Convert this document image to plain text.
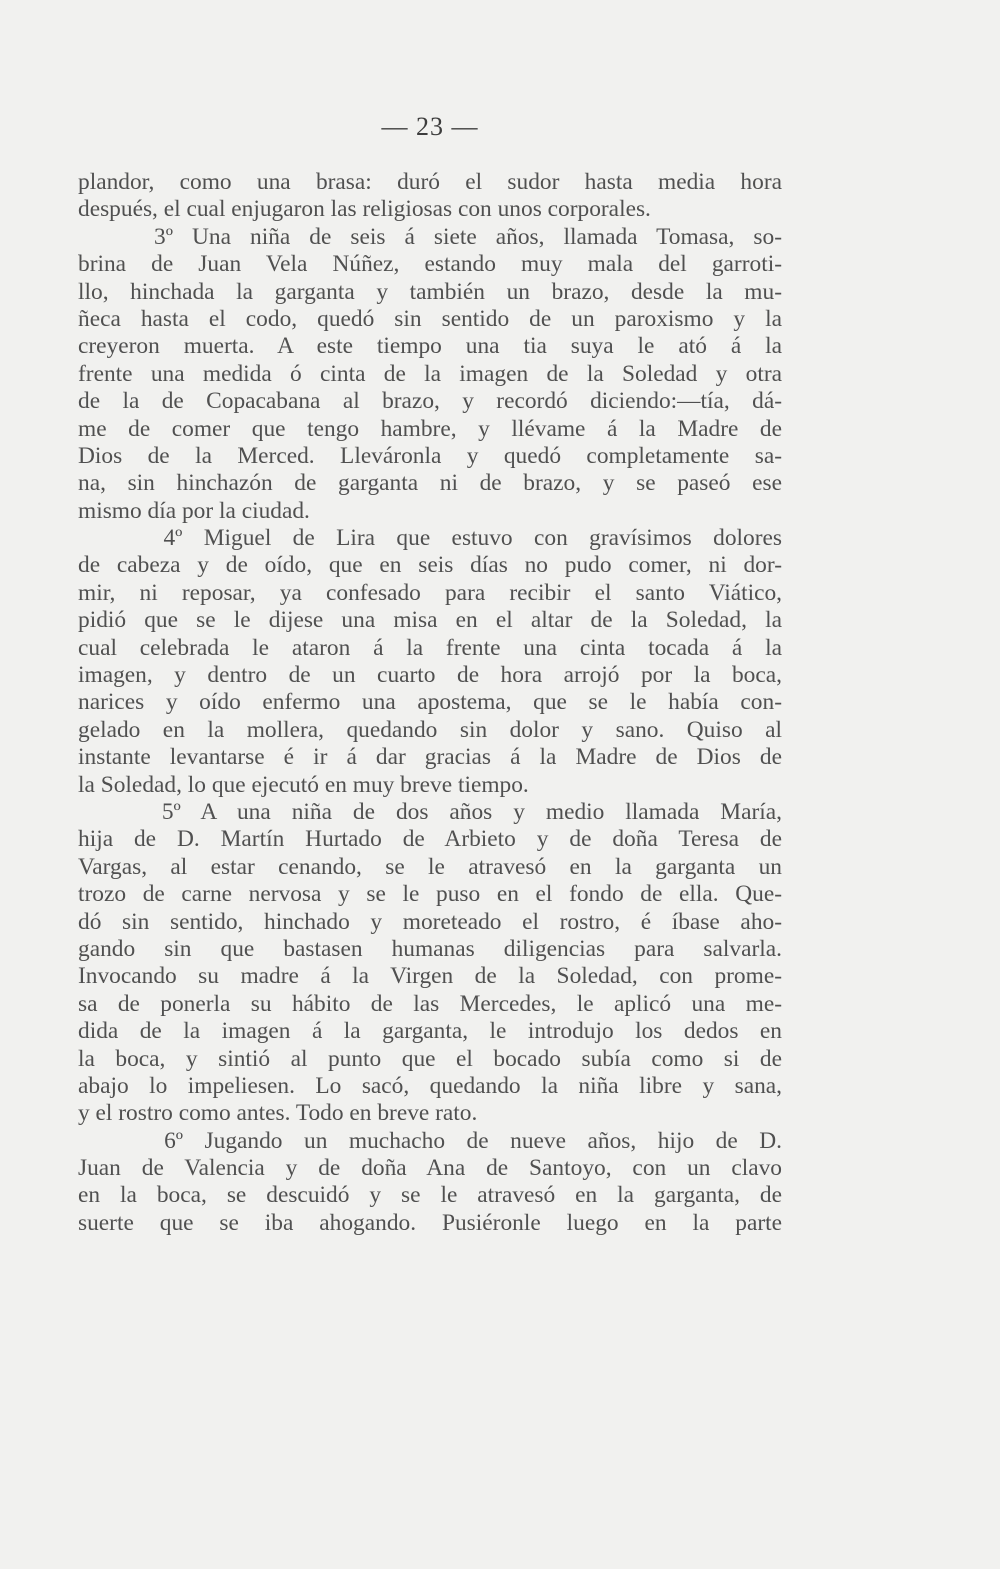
— 23 —
plandor, como una brasa: duró el sudor hasta media hora
después, el cual enjugaron las religiosas con unos corporales.
3º Una niña de seis á siete años, llamada Tomasa, so-
brina de Juan Vela Núñez, estando muy mala del garroti-
llo, hinchada la garganta y también un brazo, desde la mu-
ñeca hasta el codo, quedó sin sentido de un paroxismo y la
creyeron muerta. A este tiempo una tia suya le ató á la
frente una medida ó cinta de la imagen de la Soledad y otra
de la de Copacabana al brazo, y recordó diciendo:—tía, dá-
me de comer que tengo hambre, y llévame á la Madre de
Dios de la Merced. Lleváronla y quedó completamente sa-
na, sin hinchazón de garganta ni de brazo, y se paseó ese
mismo día por la ciudad.
4º Miguel de Lira que estuvo con gravísimos dolores
de cabeza y de oído, que en seis días no pudo comer, ni dor-
mir, ni reposar, ya confesado para recibir el santo Viático,
pidió que se le dijese una misa en el altar de la Soledad, la
cual celebrada le ataron á la frente una cinta tocada á la
imagen, y dentro de un cuarto de hora arrojó por la boca,
narices y oído enfermo una apostema, que se le había con-
gelado en la mollera, quedando sin dolor y sano. Quiso al
instante levantarse é ir á dar gracias á la Madre de Dios de
la Soledad, lo que ejecutó en muy breve tiempo.
5º A una niña de dos años y medio llamada María,
hija de D. Martín Hurtado de Arbieto y de doña Teresa de
Vargas, al estar cenando, se le atravesó en la garganta un
trozo de carne nervosa y se le puso en el fondo de ella. Que-
dó sin sentido, hinchado y moreteado el rostro, é íbase aho-
gando sin que bastasen humanas diligencias para salvarla.
Invocando su madre á la Virgen de la Soledad, con prome-
sa de ponerla su hábito de las Mercedes, le aplicó una me-
dida de la imagen á la garganta, le introdujo los dedos en
la boca, y sintió al punto que el bocado subía como si de
abajo lo impeliesen. Lo sacó, quedando la niña libre y sana,
y el rostro como antes. Todo en breve rato.
6º Jugando un muchacho de nueve años, hijo de D.
Juan de Valencia y de doña Ana de Santoyo, con un clavo
en la boca, se descuidó y se le atravesó en la garganta, de
suerte que se iba ahogando. Pusiéronle luego en la parte
